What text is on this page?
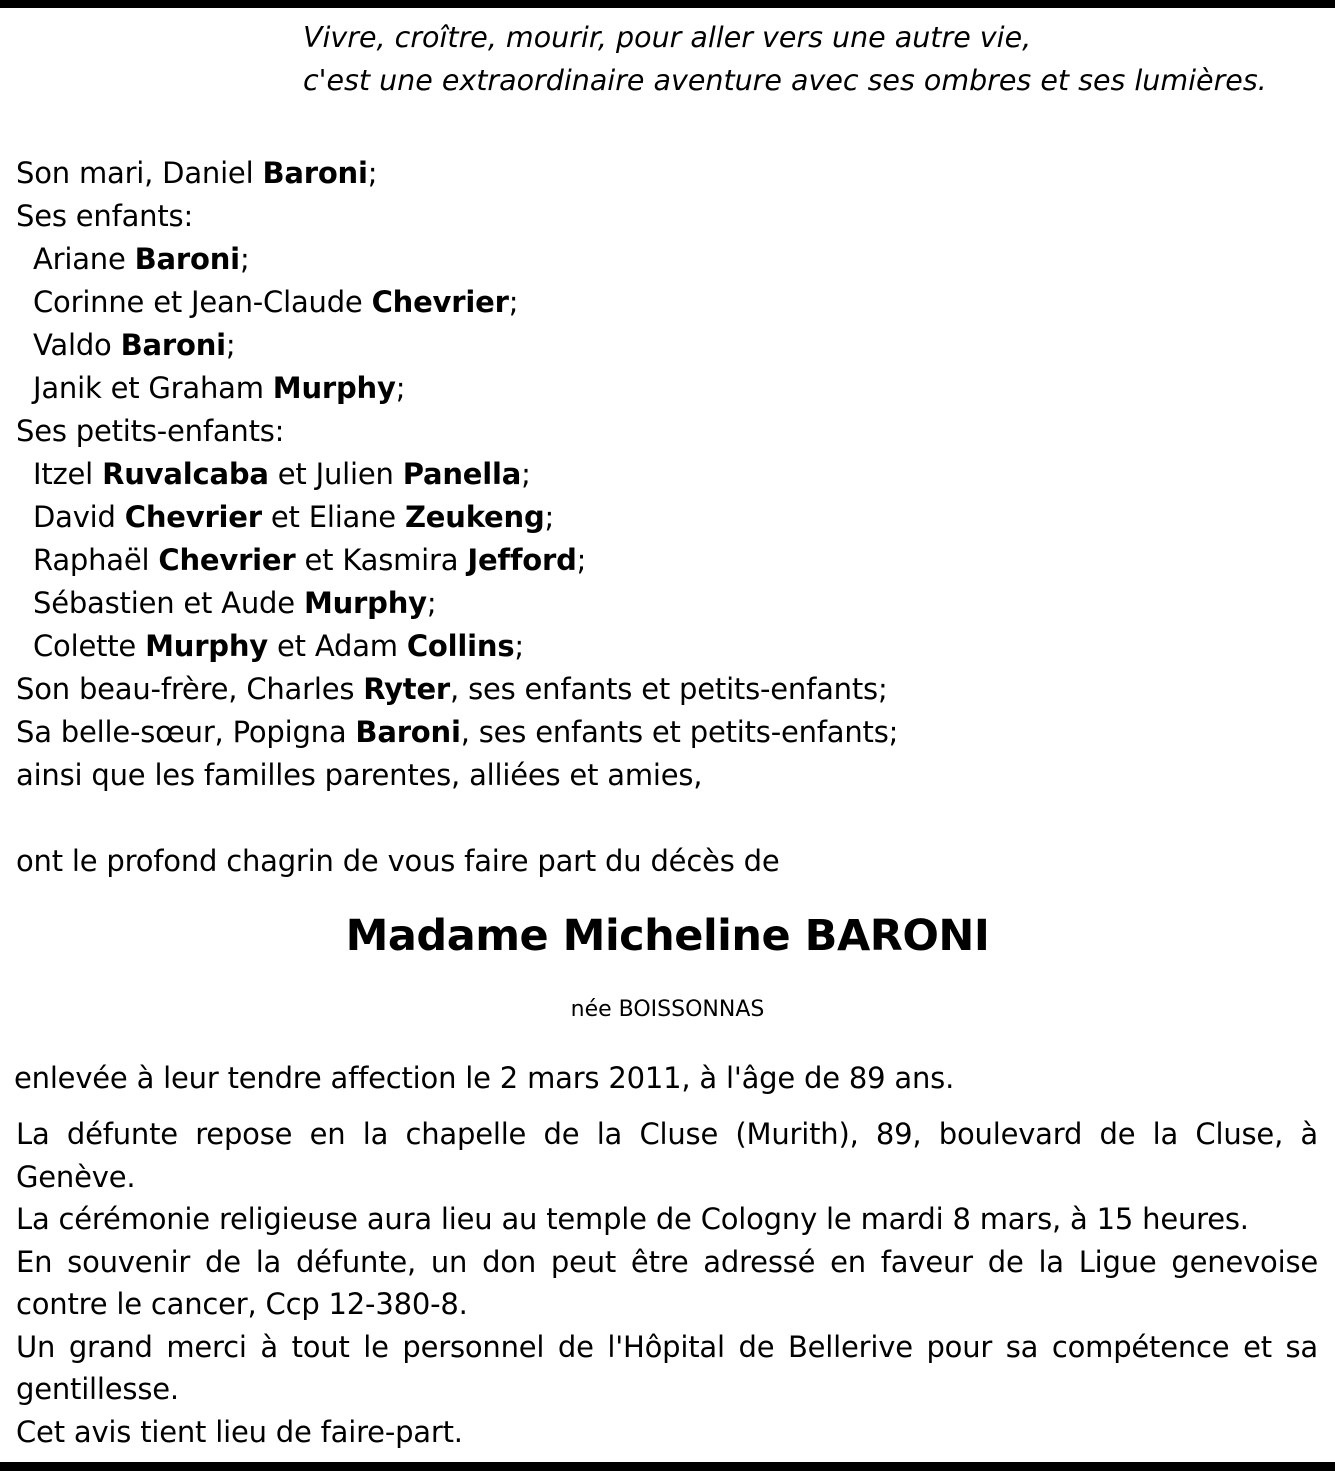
Vivre, croître, mourir, pour aller vers une autre vie,
c'est une extraordinaire aventure avec ses ombres et ses lumières.
Son mari, Daniel Baroni;
Ses enfants:
Ariane Baroni;
Corinne et Jean-Claude Chevrier;
Valdo Baroni;
Janik et Graham Murphy;
Ses petits-enfants:
Itzel Ruvalcaba et Julien Panella;
David Chevrier et Eliane Zeukeng;
Raphaël Chevrier et Kasmira Jefford;
Sébastien et Aude Murphy;
Colette Murphy et Adam Collins;
Son beau-frère, Charles Ryter, ses enfants et petits-enfants;
Sa belle-sœur, Popigna Baroni, ses enfants et petits-enfants;
ainsi que les familles parentes, alliées et amies,
ont le profond chagrin de vous faire part du décès de
Madame Micheline BARONI
née BOISSONNAS
enlevée à leur tendre affection le 2 mars 2011, à l'âge de 89 ans.

La défunte repose en la chapelle de la Cluse (Murith), 89, boulevard de la Cluse, à Genève.

La cérémonie religieuse aura lieu au temple de Cologny le mardi 8 mars, à 15 heures.

En souvenir de la défunte, un don peut être adressé en faveur de la Ligue genevoise contre le cancer, Ccp 12-380-8.

Un grand merci à tout le personnel de l'Hôpital de Bellerive pour sa compétence et sa gentillesse.

Cet avis tient lieu de faire-part.
